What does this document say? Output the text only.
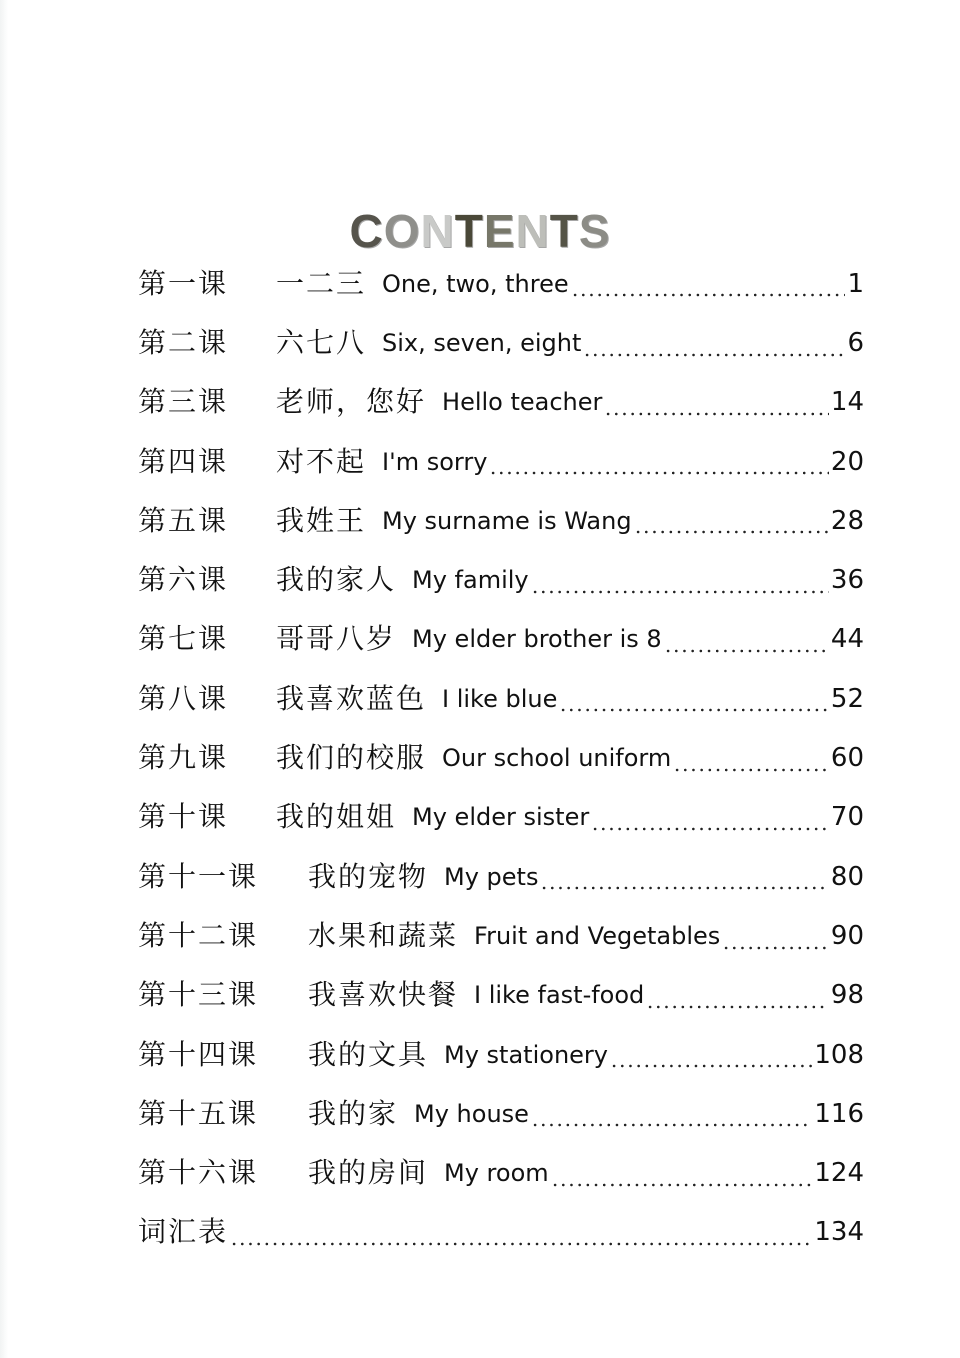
CONTENTS
第一课	一二三 One, two, three	1
第二课	六七八 Six, seven, eight	6
第三课	老师，您好 Hello teacher	14
第四课	对不起 I'm sorry	20
第五课	我姓王 My surname is Wang	28
第六课	我的家人 My family	36
第七课	哥哥八岁 My elder brother is 8	44
第八课	我喜欢蓝色 I like blue	52
第九课	我们的校服 Our school uniform	60
第十课	我的姐姐 My elder sister	70
第十一课	我的宠物 My pets	80
第十二课	水果和蔬菜 Fruit and Vegetables	90
第十三课	我喜欢快餐 I like fast-food	98
第十四课	我的文具 My stationery	108
第十五课	我的家 My house	116
第十六课	我的房间 My room	124
词汇表	134
